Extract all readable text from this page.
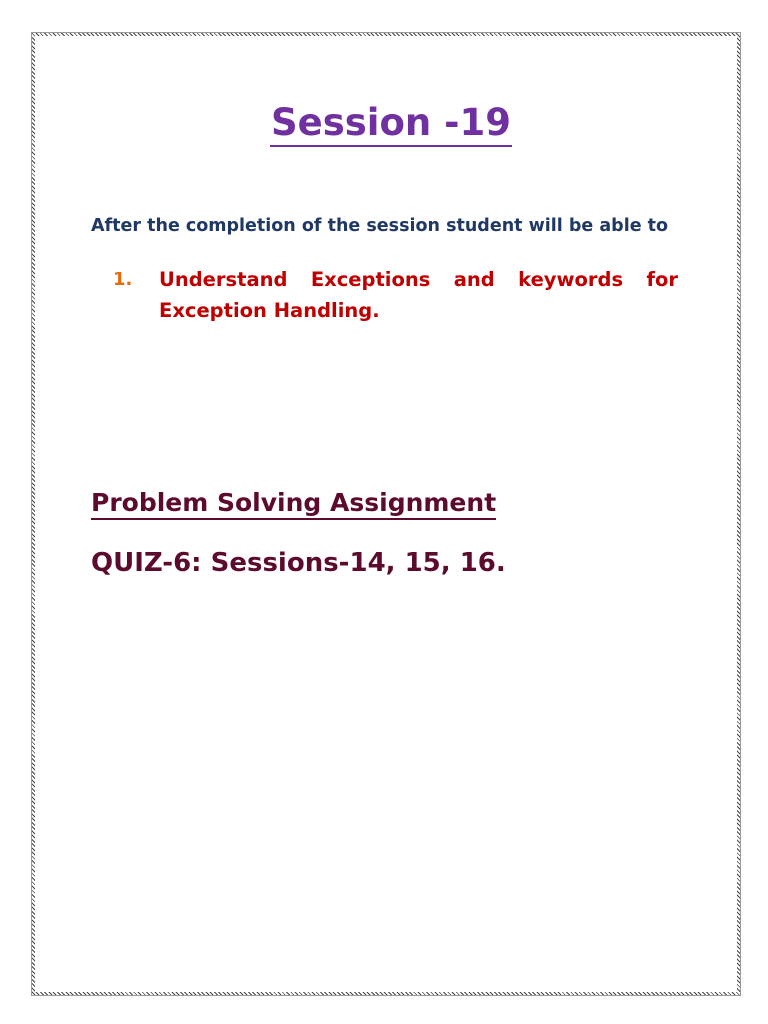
Session -19
After the completion of the session student will be able to
1. Understand Exceptions and keywords for
Exception Handling.
Problem Solving Assignment
QUIZ-6: Sessions-14, 15, 16.
